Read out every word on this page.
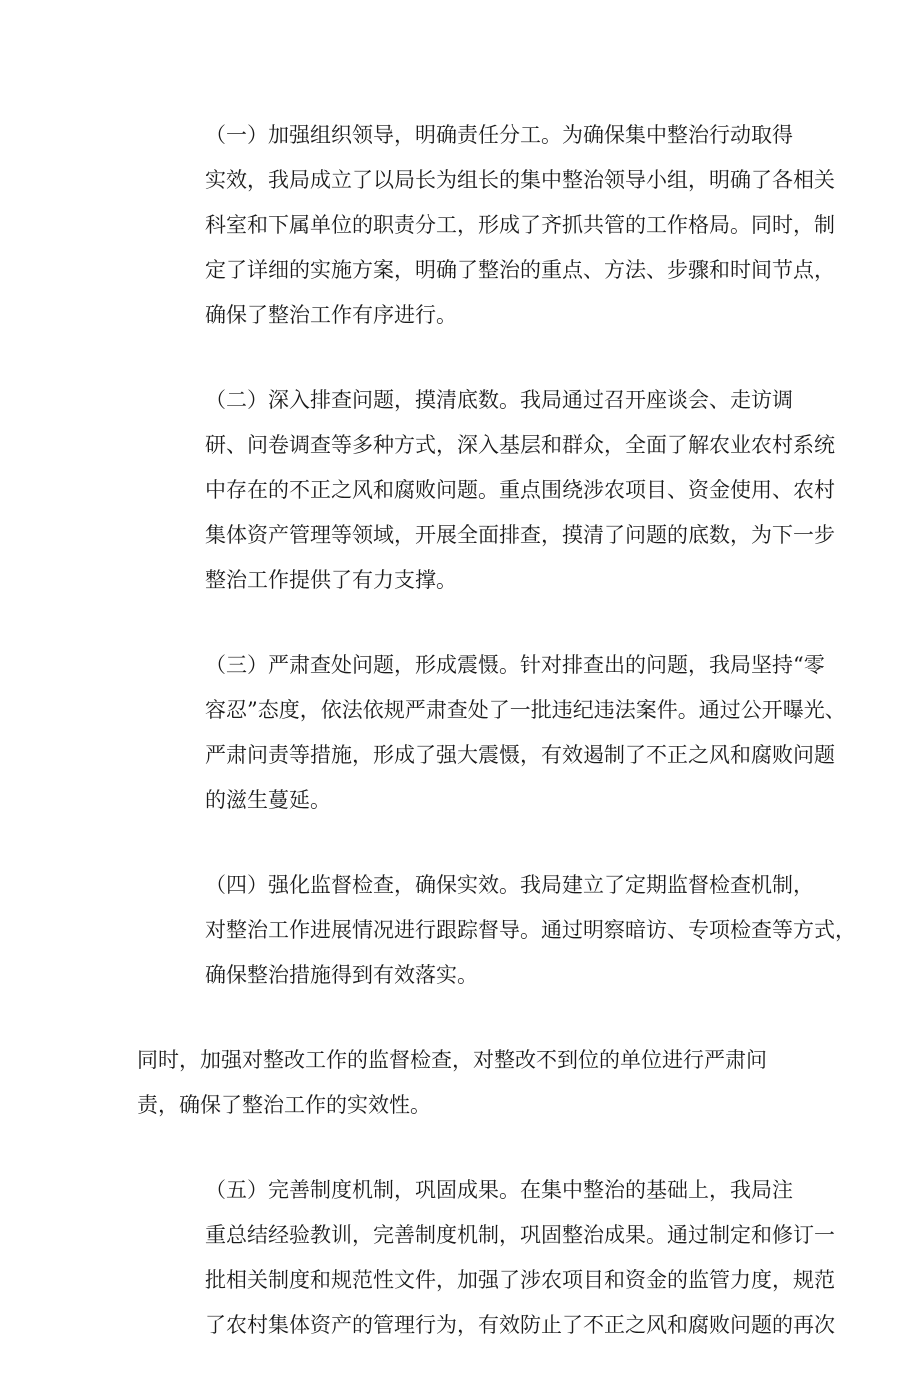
（一）加强组织领导，明确责任分工。为确保集中整治行动取得
实效，我局成立了以局长为组长的集中整治领导小组，明确了各相关
科室和下属单位的职责分工，形成了齐抓共管的工作格局。同时，制
定了详细的实施方案，明确了整治的重点、方法、步骤和时间节点，
确保了整治工作有序进行。

（二）深入排查问题，摸清底数。我局通过召开座谈会、走访调
研、问卷调查等多种方式，深入基层和群众，全面了解农业农村系统
中存在的不正之风和腐败问题。重点围绕涉农项目、资金使用、农村
集体资产管理等领域，开展全面排查，摸清了问题的底数，为下一步
整治工作提供了有力支撑。

（三）严肃查处问题，形成震慑。针对排查出的问题，我局坚持“零
容忍”态度，依法依规严肃查处了一批违纪违法案件。通过公开曝光、
严肃问责等措施，形成了强大震慑，有效遏制了不正之风和腐败问题
的滋生蔓延。

（四）强化监督检查，确保实效。我局建立了定期监督检查机制，
对整治工作进展情况进行跟踪督导。通过明察暗访、专项检查等方式，
确保整治措施得到有效落实。

同时，加强对整改工作的监督检查，对整改不到位的单位进行严肃问
责，确保了整治工作的实效性。

（五）完善制度机制，巩固成果。在集中整治的基础上，我局注
重总结经验教训，完善制度机制，巩固整治成果。通过制定和修订一
批相关制度和规范性文件，加强了涉农项目和资金的监管力度，规范
了农村集体资产的管理行为，有效防止了不正之风和腐败问题的再次
